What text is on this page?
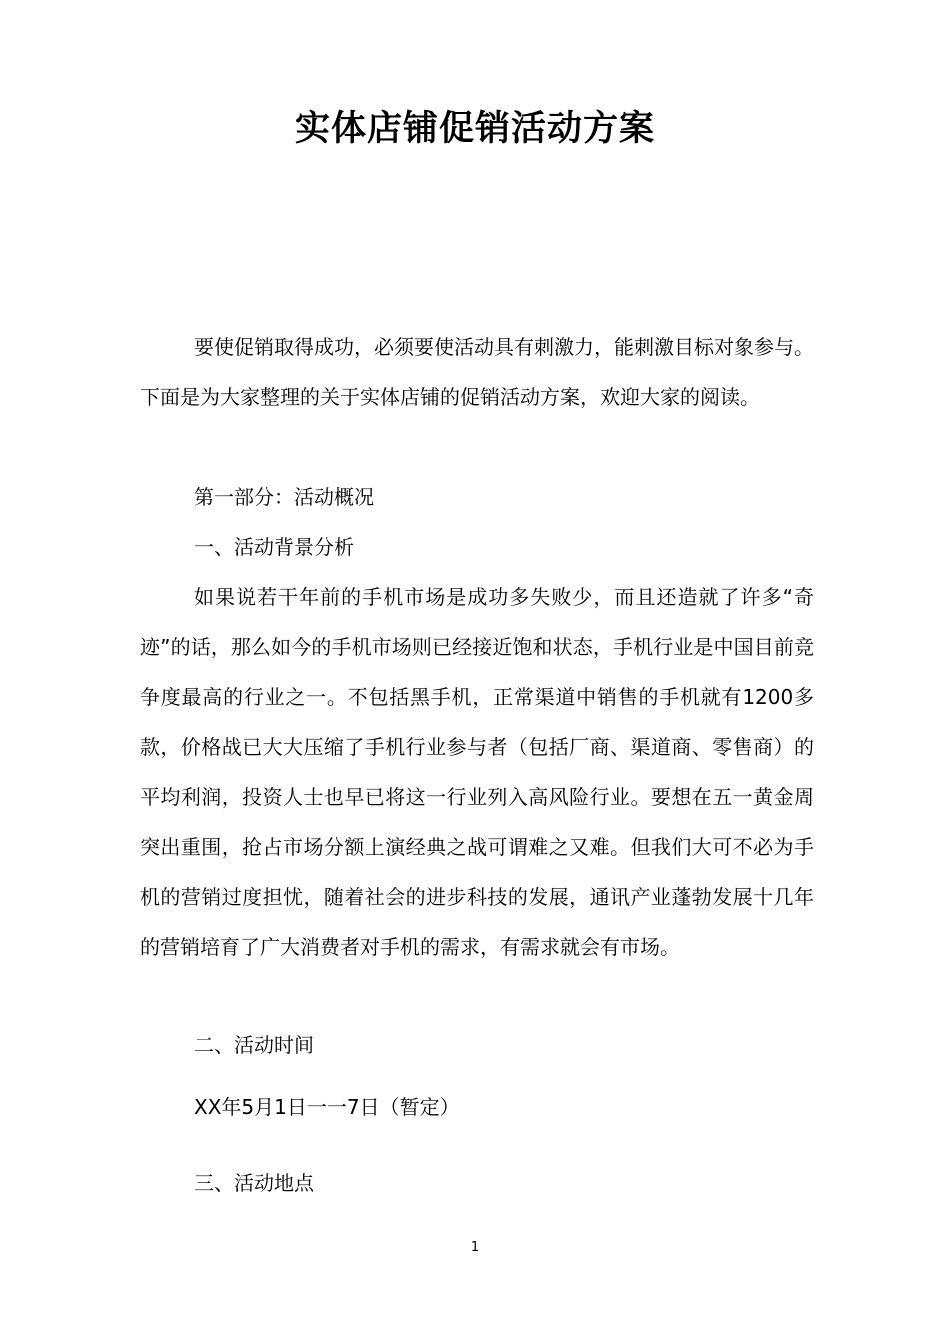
实体店铺促销活动方案

要使促销取得成功，必须要使活动具有刺激力，能刺激目标对象参与。下面是为大家整理的关于实体店铺的促销活动方案，欢迎大家的阅读。

第一部分：活动概况

一、活动背景分析

如果说若干年前的手机市场是成功多失败少，而且还造就了许多“奇迹”的话，那么如今的手机市场则已经接近饱和状态，手机行业是中国目前竞争度最高的行业之一。不包括黑手机，正常渠道中销售的手机就有1200多款，价格战已大大压缩了手机行业参与者（包括厂商、渠道商、零售商）的平均利润，投资人士也早已将这一行业列入高风险行业。要想在五一黄金周突出重围，抢占市场分额上演经典之战可谓难之又难。但我们大可不必为手机的营销过度担忧，随着社会的进步科技的发展，通讯产业蓬勃发展十几年的营销培育了广大消费者对手机的需求，有需求就会有市场。

二、活动时间

XX年5月1日一一7日（暂定）

三、活动地点

1
